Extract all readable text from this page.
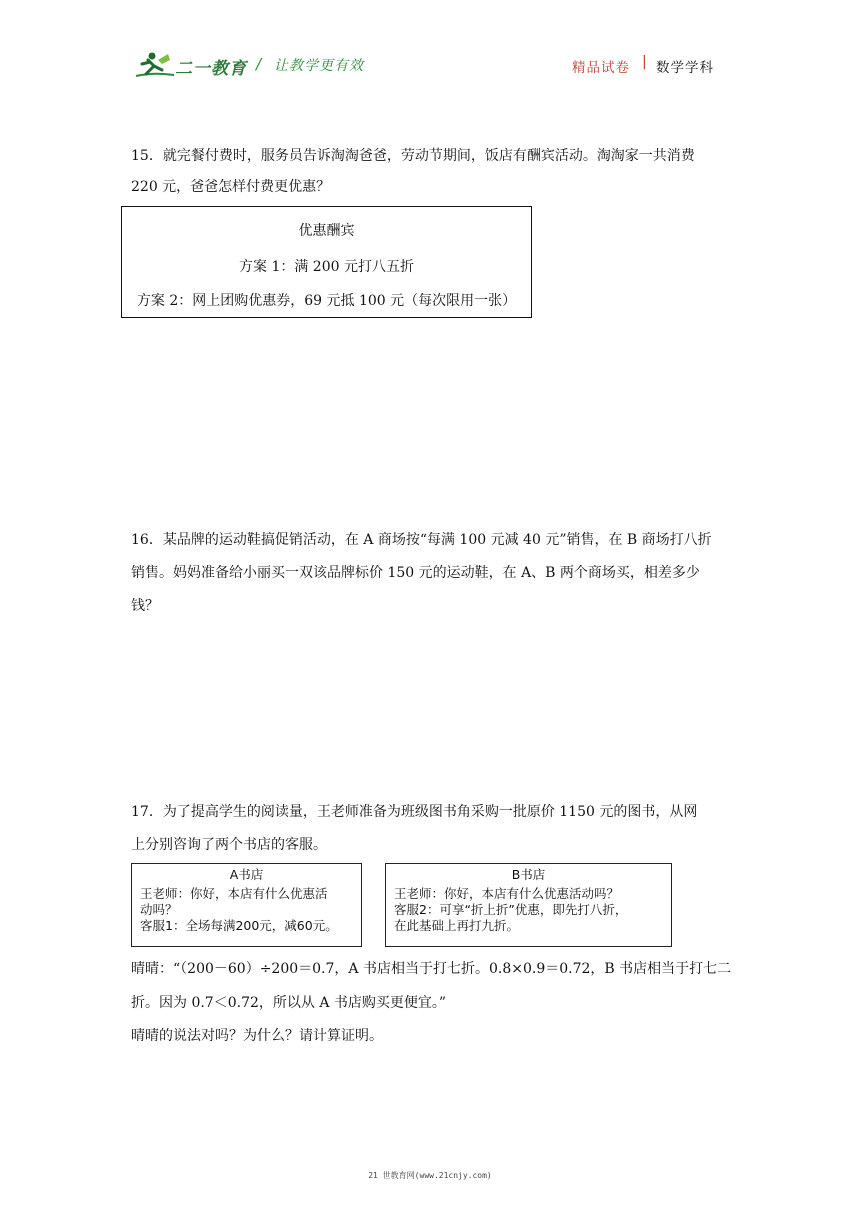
二一教育 / 让教学更有效	精品试卷 | 数学学科
15．就完餐付费时，服务员告诉淘淘爸爸，劳动节期间，饭店有酬宾活动。淘淘家一共消费
220 元，爸爸怎样付费更优惠？
优惠酬宾
方案 1：满 200 元打八五折
方案 2：网上团购优惠券，69 元抵 100 元（每次限用一张）
16．某品牌的运动鞋搞促销活动，在 A 商场按“每满 100 元减 40 元”销售，在 B 商场打八折
销售。妈妈准备给小丽买一双该品牌标价 150 元的运动鞋，在 A、B 两个商场买，相差多少
钱？
17．为了提高学生的阅读量，王老师准备为班级图书角采购一批原价 1150 元的图书，从网
上分别咨询了两个书店的客服。
A书店
王老师：你好，本店有什么优惠活
动吗？
客服1：全场每满200元，减60元。
B书店
王老师：你好，本店有什么优惠活动吗？
客服2：可享“折上折”优惠，即先打八折，
在此基础上再打九折。
晴晴：“（200－60）÷200＝0.7，A 书店相当于打七折。0.8×0.9＝0.72，B 书店相当于打七二
折。因为 0.7＜0.72，所以从 A 书店购买更便宜。”
晴晴的说法对吗？为什么？请计算证明。
21 世教育网(www.21cnjy.com)
